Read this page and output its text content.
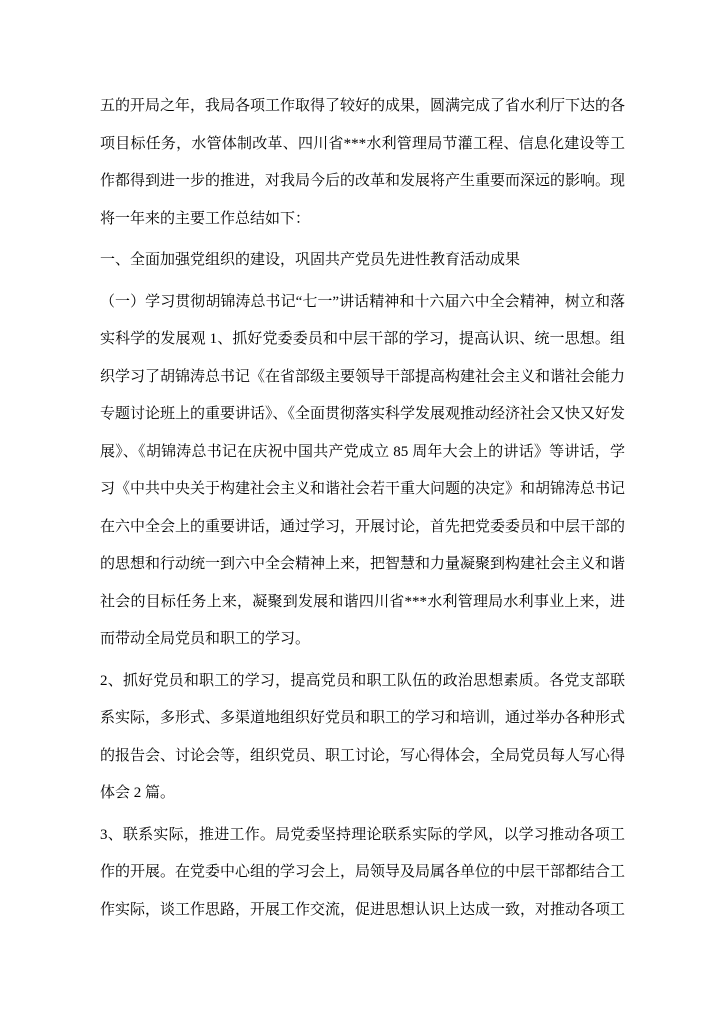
五的开局之年，我局各项工作取得了较好的成果，圆满完成了省水利厅下达的各项目标任务，水管体制改革、四川省***水利管理局节灌工程、信息化建设等工作都得到进一步的推进，对我局今后的改革和发展将产生重要而深远的影响。现将一年来的主要工作总结如下：

一、全面加强党组织的建设，巩固共产党员先进性教育活动成果

（一）学习贯彻胡锦涛总书记“七一”讲话精神和十六届六中全会精神，树立和落实科学的发展观 1、抓好党委委员和中层干部的学习，提高认识、统一思想。组织学习了胡锦涛总书记《在省部级主要领导干部提高构建社会主义和谐社会能力专题讨论班上的重要讲话》、《全面贯彻落实科学发展观推动经济社会又快又好发展》、《胡锦涛总书记在庆祝中国共产党成立 85 周年大会上的讲话》等讲话，学习《中共中央关于构建社会主义和谐社会若干重大问题的决定》和胡锦涛总书记在六中全会上的重要讲话，通过学习，开展讨论，首先把党委委员和中层干部的的思想和行动统一到六中全会精神上来，把智慧和力量凝聚到构建社会主义和谐社会的目标任务上来，凝聚到发展和谐四川省***水利管理局水利事业上来，进而带动全局党员和职工的学习。

2、抓好党员和职工的学习，提高党员和职工队伍的政治思想素质。各党支部联系实际，多形式、多渠道地组织好党员和职工的学习和培训，通过举办各种形式的报告会、讨论会等，组织党员、职工讨论，写心得体会，全局党员每人写心得体会 2 篇。

3、联系实际，推进工作。局党委坚持理论联系实际的学风，以学习推动各项工作的开展。在党委中心组的学习会上，局领导及局属各单位的中层干部都结合工作实际，谈工作思路，开展工作交流，促进思想认识上达成一致，对推动各项工
